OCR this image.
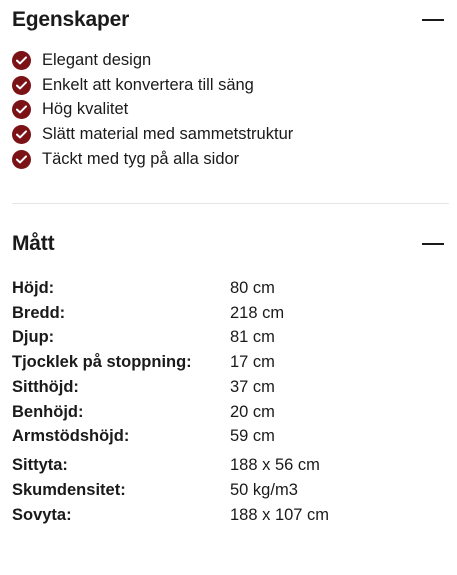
Egenskaper
Elegant design
Enkelt att konvertera till säng
Hög kvalitet
Slätt material med sammetstruktur
Täckt med tyg på alla sidor
Mått
Höjd:	80 cm
Bredd:	218 cm
Djup:	81 cm
Tjocklek på stoppning:	17 cm
Sitthöjd:	37 cm
Benhöjd:	20 cm
Armstödshöjd:	59 cm
Sittyta:	188 x 56 cm
Skumdensitet:	50 kg/m3
Sovyta:	188 x 107 cm
